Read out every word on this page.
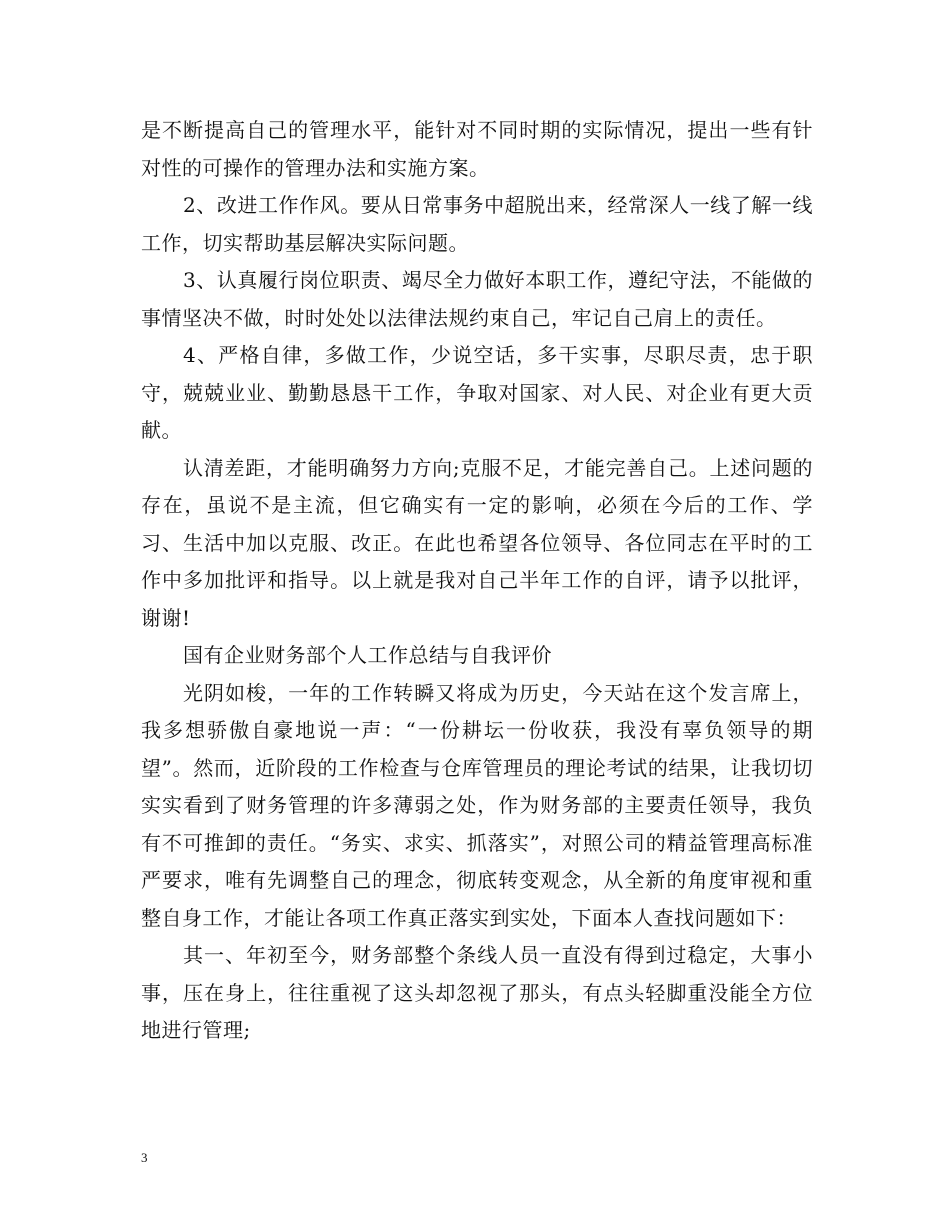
是不断提高自己的管理水平，能针对不同时期的实际情况，提出一些有针对性的可操作的管理办法和实施方案。

2、改进工作作风。要从日常事务中超脱出来，经常深人一线了解一线工作，切实帮助基层解决实际问题。

3、认真履行岗位职责、竭尽全力做好本职工作，遵纪守法，不能做的事情坚决不做，时时处处以法律法规约束自己，牢记自己肩上的责任。

4、严格自律，多做工作，少说空话，多干实事，尽职尽责，忠于职守，兢兢业业、勤勤恳恳干工作，争取对国家、对人民、对企业有更大贡献。

认清差距，才能明确努力方向;克服不足，才能完善自己。上述问题的存在，虽说不是主流，但它确实有一定的影响，必须在今后的工作、学习、生活中加以克服、改正。在此也希望各位领导、各位同志在平时的工作中多加批评和指导。以上就是我对自己半年工作的自评，请予以批评，谢谢!

国有企业财务部个人工作总结与自我评价

光阴如梭，一年的工作转瞬又将成为历史，今天站在这个发言席上，我多想骄傲自豪地说一声：“一份耕坛一份收获，我没有辜负领导的期望”。然而，近阶段的工作检查与仓库管理员的理论考试的结果，让我切切实实看到了财务管理的许多薄弱之处，作为财务部的主要责任领导，我负有不可推卸的责任。“务实、求实、抓落实”，对照公司的精益管理高标准严要求，唯有先调整自己的理念，彻底转变观念，从全新的角度审视和重整自身工作，才能让各项工作真正落实到实处，下面本人查找问题如下：

其一、年初至今，财务部整个条线人员一直没有得到过稳定，大事小事，压在身上，往往重视了这头却忽视了那头，有点头轻脚重没能全方位地进行管理;

3
